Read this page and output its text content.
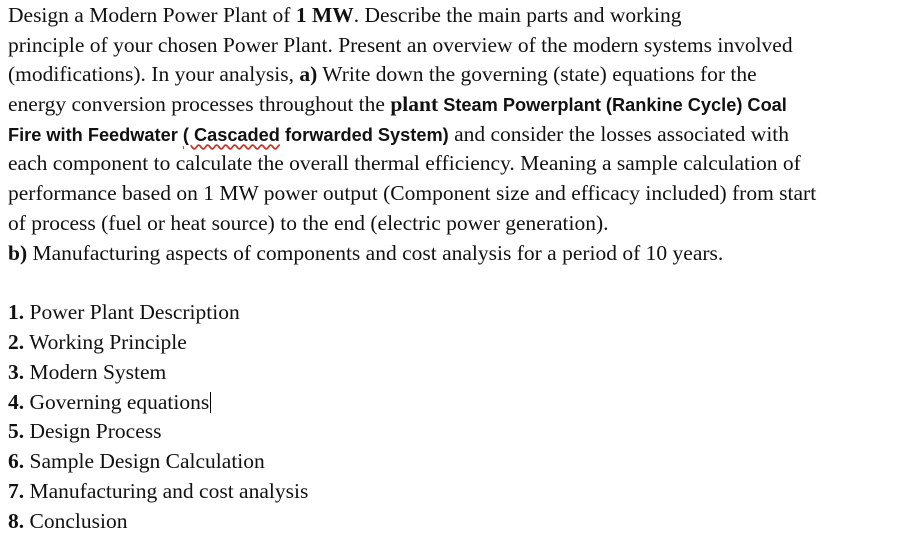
Design a Modern Power Plant of 1 MW. Describe the main parts and working
principle of your chosen Power Plant. Present an overview of the modern systems involved
(modifications). In your analysis, a) Write down the governing (state) equations for the
energy conversion processes throughout the plant Steam Powerplant (Rankine Cycle) Coal
Fire with Feedwater ( Cascaded forwarded System) and consider the losses associated with
each component to calculate the overall thermal efficiency. Meaning a sample calculation of
performance based on 1 MW power output (Component size and efficacy included) from start
of process (fuel or heat source) to the end (electric power generation).
b) Manufacturing aspects of components and cost analysis for a period of 10 years.
1. Power Plant Description
2. Working Principle
3. Modern System
4. Governing equations
5. Design Process
6. Sample Design Calculation
7. Manufacturing and cost analysis
8. Conclusion
